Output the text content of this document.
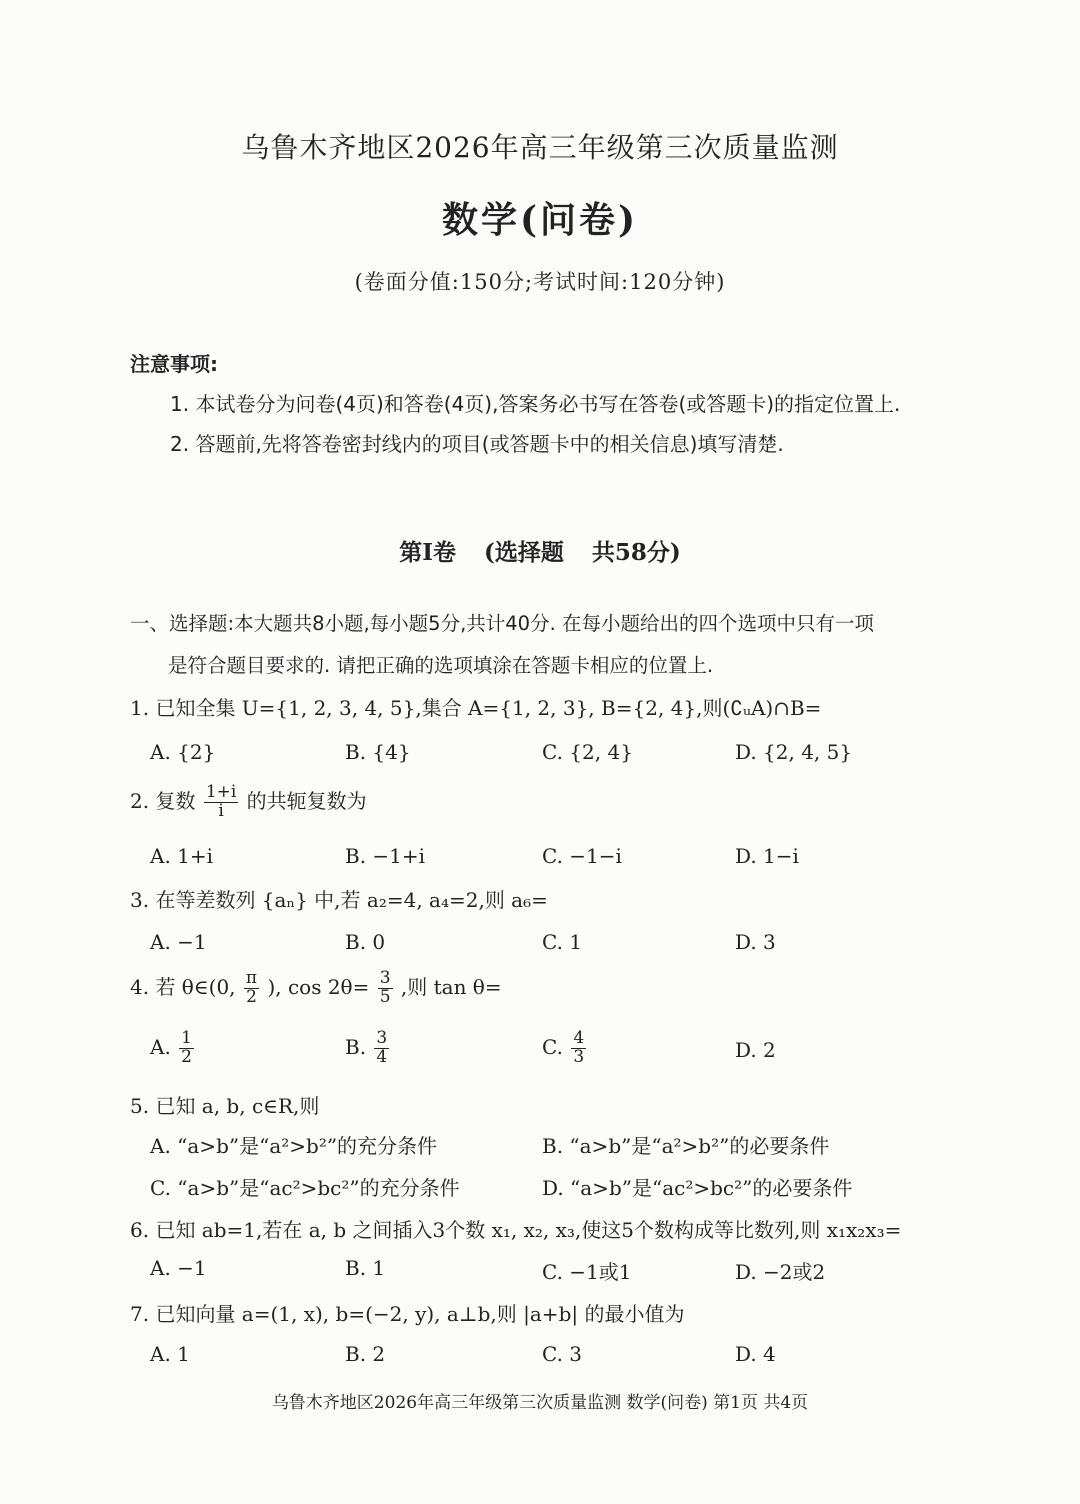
乌鲁木齐地区2026年高三年级第三次质量监测
数学(问卷)
(卷面分值:150分;考试时间:120分钟)
注意事项:
1. 本试卷分为问卷(4页)和答卷(4页),答案务必书写在答卷(或答题卡)的指定位置上.
2. 答题前,先将答卷密封线内的项目(或答题卡中的相关信息)填写清楚.
第Ⅰ卷 (选择题 共58分)
一、选择题:本大题共8小题,每小题5分,共计40分. 在每小题给出的四个选项中只有一项
是符合题目要求的. 请把正确的选项填涂在答题卡相应的位置上.
1. 已知全集 U={1, 2, 3, 4, 5},集合 A={1, 2, 3}, B={2, 4},则(∁ᵤA)∩B=
A. {2}	B. {4}	C. {2, 4}	D. {2, 4, 5}
2. 复数 $\frac{1+i}{i}$ 的共轭复数为
A. 1+i	B. −1+i	C. −1−i	D. 1−i
3. 在等差数列 {aₙ} 中,若 a₂=4, a₄=2,则 a₆=
A. −1	B. 0	C. 1	D. 3
4. 若 θ∈(0, $\frac{\pi}{2}$ ), $\cos 2\theta= \frac{3}{5}$ ,则 tan θ=
A. $\frac{1}{2}$	B. $\frac{3}{4}$	C. $\frac{4}{3}$	D. 2
5. 已知 a, b, c∈R,则
A. “a>b”是“a²>b²”的充分条件	B. “a>b”是“a²>b²”的必要条件
C. “a>b”是“ac²>bc²”的充分条件	D. “a>b”是“ac²>bc²”的必要条件
6. 已知 ab=1,若在 a, b 之间插入3个数 x₁, x₂, x₃,使这5个数构成等比数列,则 x₁x₂x₃=
A. −1	B. 1	C. −1或1	D. −2或2
7. 已知向量 a=(1, x), b=(−2, y), a⊥b,则 |a+b| 的最小值为
A. 1	B. 2	C. 3	D. 4
乌鲁木齐地区2026年高三年级第三次质量监测 数学(问卷) 第1页 共4页
